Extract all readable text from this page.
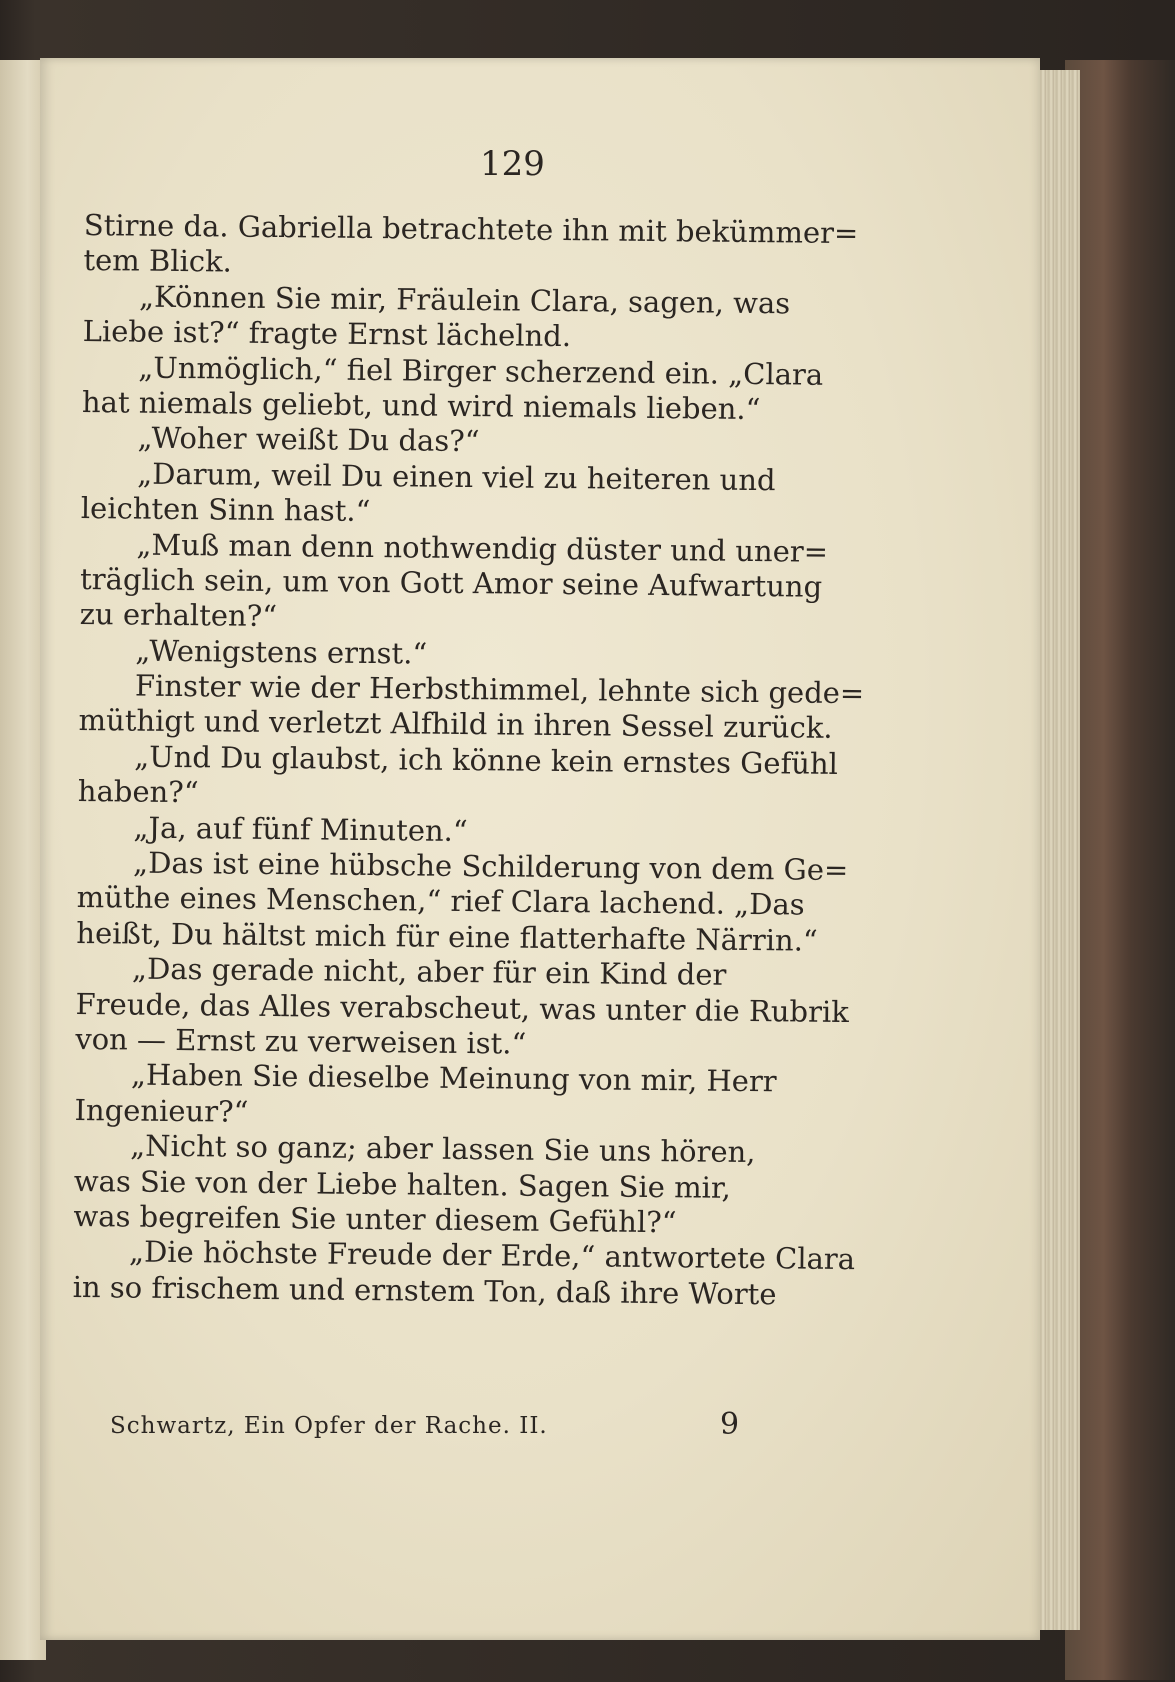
129
Stirne da. Gabriella betrachtete ihn mit bekümmer=
tem Blick.
„Können Sie mir, Fräulein Clara, sagen, was
Liebe ist?“ fragte Ernst lächelnd.
„Unmöglich,“ fiel Birger scherzend ein. „Clara
hat niemals geliebt, und wird niemals lieben.“
„Woher weißt Du das?“
„Darum, weil Du einen viel zu heiteren und
leichten Sinn hast.“
„Muß man denn nothwendig düster und uner=
träglich sein, um von Gott Amor seine Aufwartung
zu erhalten?“
„Wenigstens ernst.“
Finster wie der Herbsthimmel, lehnte sich gede=
müthigt und verletzt Alfhild in ihren Sessel zurück.
„Und Du glaubst, ich könne kein ernstes Gefühl
haben?“
„Ja, auf fünf Minuten.“
„Das ist eine hübsche Schilderung von dem Ge=
müthe eines Menschen,“ rief Clara lachend. „Das
heißt, Du hältst mich für eine flatterhafte Närrin.“
„Das gerade nicht, aber für ein Kind der
Freude, das Alles verabscheut, was unter die Rubrik
von — Ernst zu verweisen ist.“
„Haben Sie dieselbe Meinung von mir, Herr
Ingenieur?“
„Nicht so ganz; aber lassen Sie uns hören,
was Sie von der Liebe halten. Sagen Sie mir,
was begreifen Sie unter diesem Gefühl?“
„Die höchste Freude der Erde,“ antwortete Clara
in so frischem und ernstem Ton, daß ihre Worte
Schwartz, Ein Opfer der Rache. II.	9
